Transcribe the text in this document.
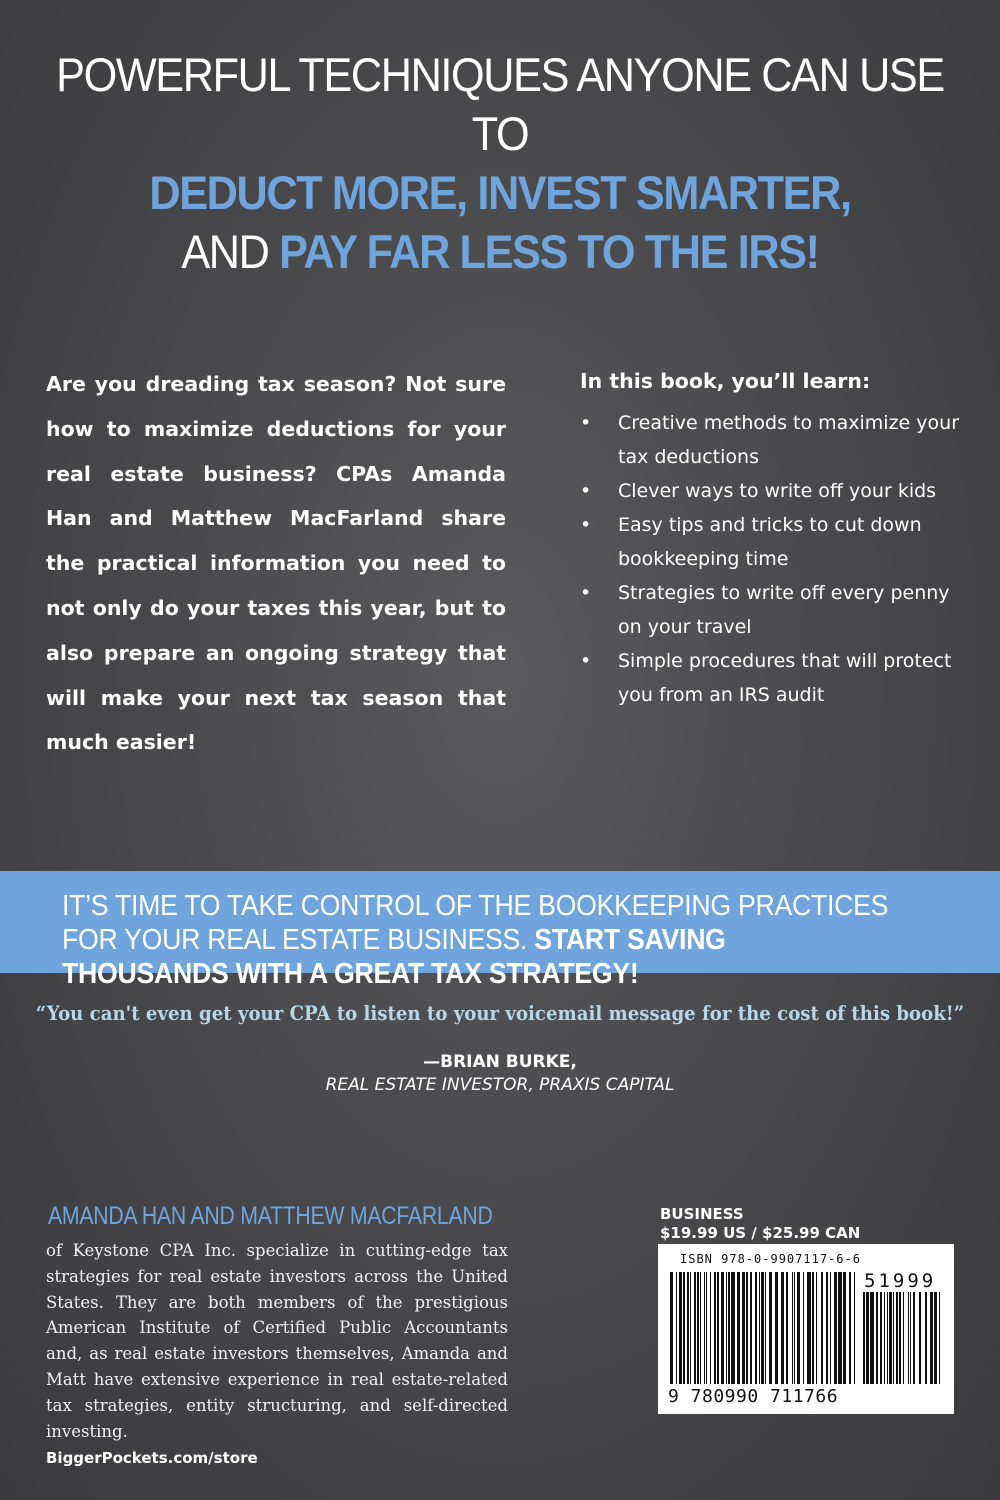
POWERFUL TECHNIQUES ANYONE CAN USE TO
DEDUCT MORE, INVEST SMARTER,
AND PAY FAR LESS TO THE IRS!

Are you dreading tax season? Not sure how to maximize deductions for your real estate business? CPAs Amanda Han and Matthew MacFarland share the practical information you need to not only do your taxes this year, but to also prepare an ongoing strategy that will make your next tax season that much easier!

In this book, you’ll learn:
• Creative methods to maximize your tax deductions
• Clever ways to write off your kids
• Easy tips and tricks to cut down bookkeeping time
• Strategies to write off every penny on your travel
• Simple procedures that will protect you from an IRS audit
IT’S TIME TO TAKE CONTROL OF THE BOOKKEEPING PRACTICES FOR YOUR REAL ESTATE BUSINESS. START SAVING THOUSANDS WITH A GREAT TAX STRATEGY!
“You can't even get your CPA to listen to your voicemail message for the cost of this book!”
—BRIAN BURKE,
REAL ESTATE INVESTOR, PRAXIS CAPITAL
AMANDA HAN AND MATTHEW MACFARLAND

of Keystone CPA Inc. specialize in cutting-edge tax strategies for real estate investors across the United States. They are both members of the prestigious American Institute of Certified Public Accountants and, as real estate investors themselves, Amanda and Matt have extensive experience in real estate-related tax strategies, entity structuring, and self-directed investing.

BiggerPockets.com/store
BUSINESS
$19.99 US / $25.99 CAN
ISBN 978-0-9907117-6-6
51999
9 780990 711766
